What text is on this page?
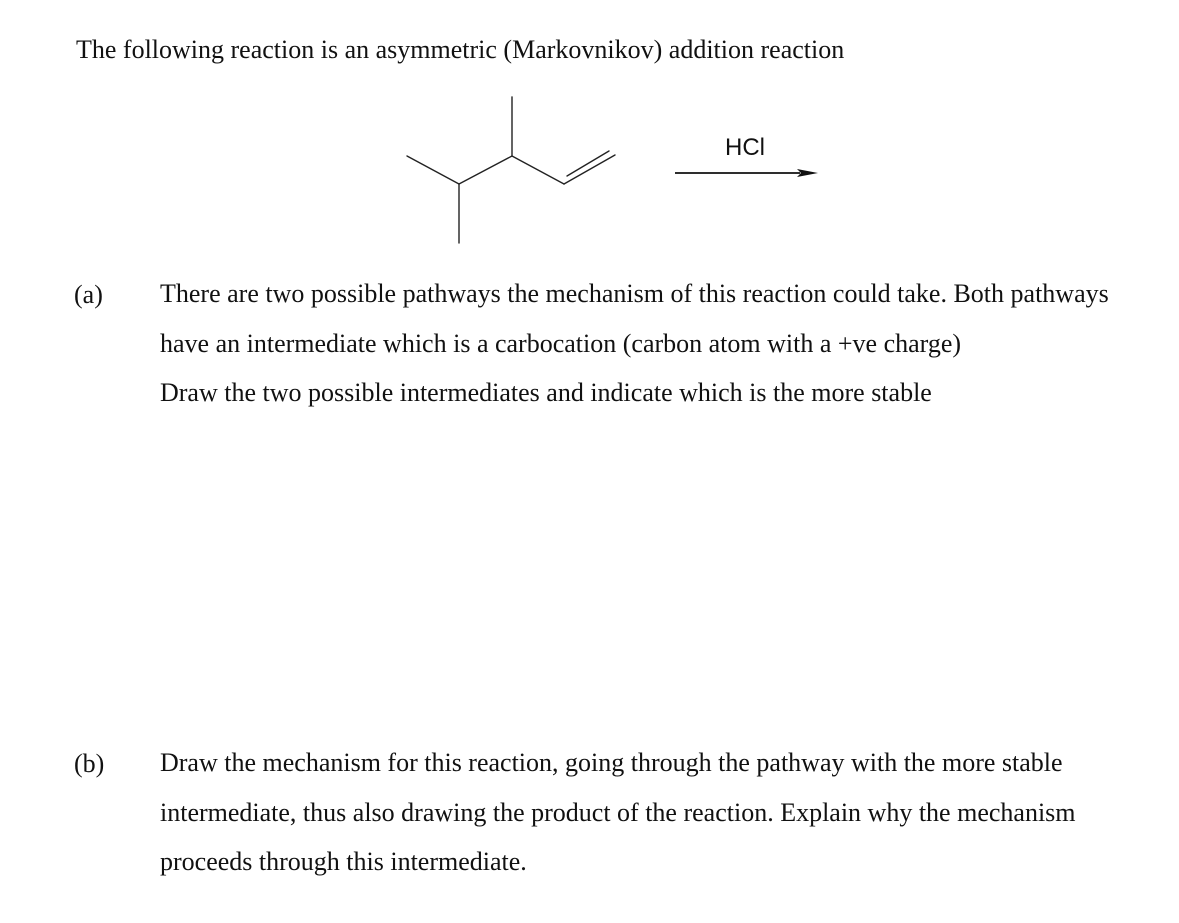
The following reaction is an asymmetric (Markovnikov) addition reaction
HCl
(a) There are two possible pathways the mechanism of this reaction could take. Both pathways have an intermediate which is a carbocation (carbon atom with a +ve charge)

Draw the two possible intermediates and indicate which is the more stable

(b) Draw the mechanism for this reaction, going through the pathway with the more stable intermediate, thus also drawing the product of the reaction. Explain why the mechanism proceeds through this intermediate.
